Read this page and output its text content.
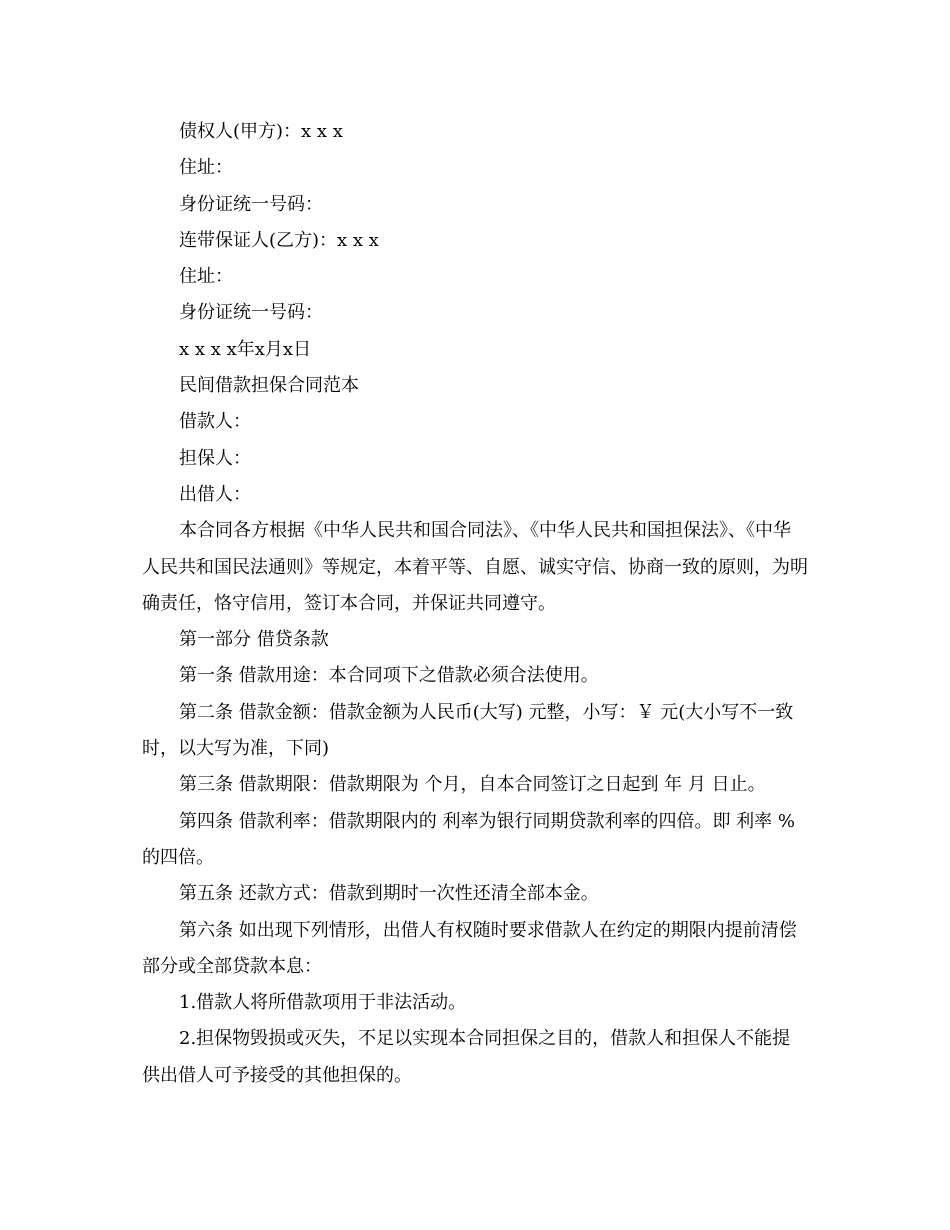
债权人(甲方)：x x x

住址：

身份证统一号码：

连带保证人(乙方)：x x x

住址：

身份证统一号码：

x x x x年x月x日

民间借款担保合同范本

借款人：

担保人：

出借人：

本合同各方根据《中华人民共和国合同法》、《中华人民共和国担保法》、《中华人民共和国民法通则》等规定，本着平等、自愿、诚实守信、协商一致的原则，为明确责任，恪守信用，签订本合同，并保证共同遵守。

第一部分 借贷条款

第一条 借款用途：本合同项下之借款必须合法使用。

第二条 借款金额：借款金额为人民币(大写) 元整，小写：￥ 元(大小写不一致时，以大写为准，下同)

第三条 借款期限：借款期限为 个月，自本合同签订之日起到 年 月 日止。

第四条 借款利率：借款期限内的 利率为银行同期贷款利率的四倍。即 利率 %的四倍。

第五条 还款方式：借款到期时一次性还清全部本金。

第六条 如出现下列情形，出借人有权随时要求借款人在约定的期限内提前清偿部分或全部贷款本息：

1.借款人将所借款项用于非法活动。

2.担保物毁损或灭失，不足以实现本合同担保之目的，借款人和担保人不能提供出借人可予接受的其他担保的。
